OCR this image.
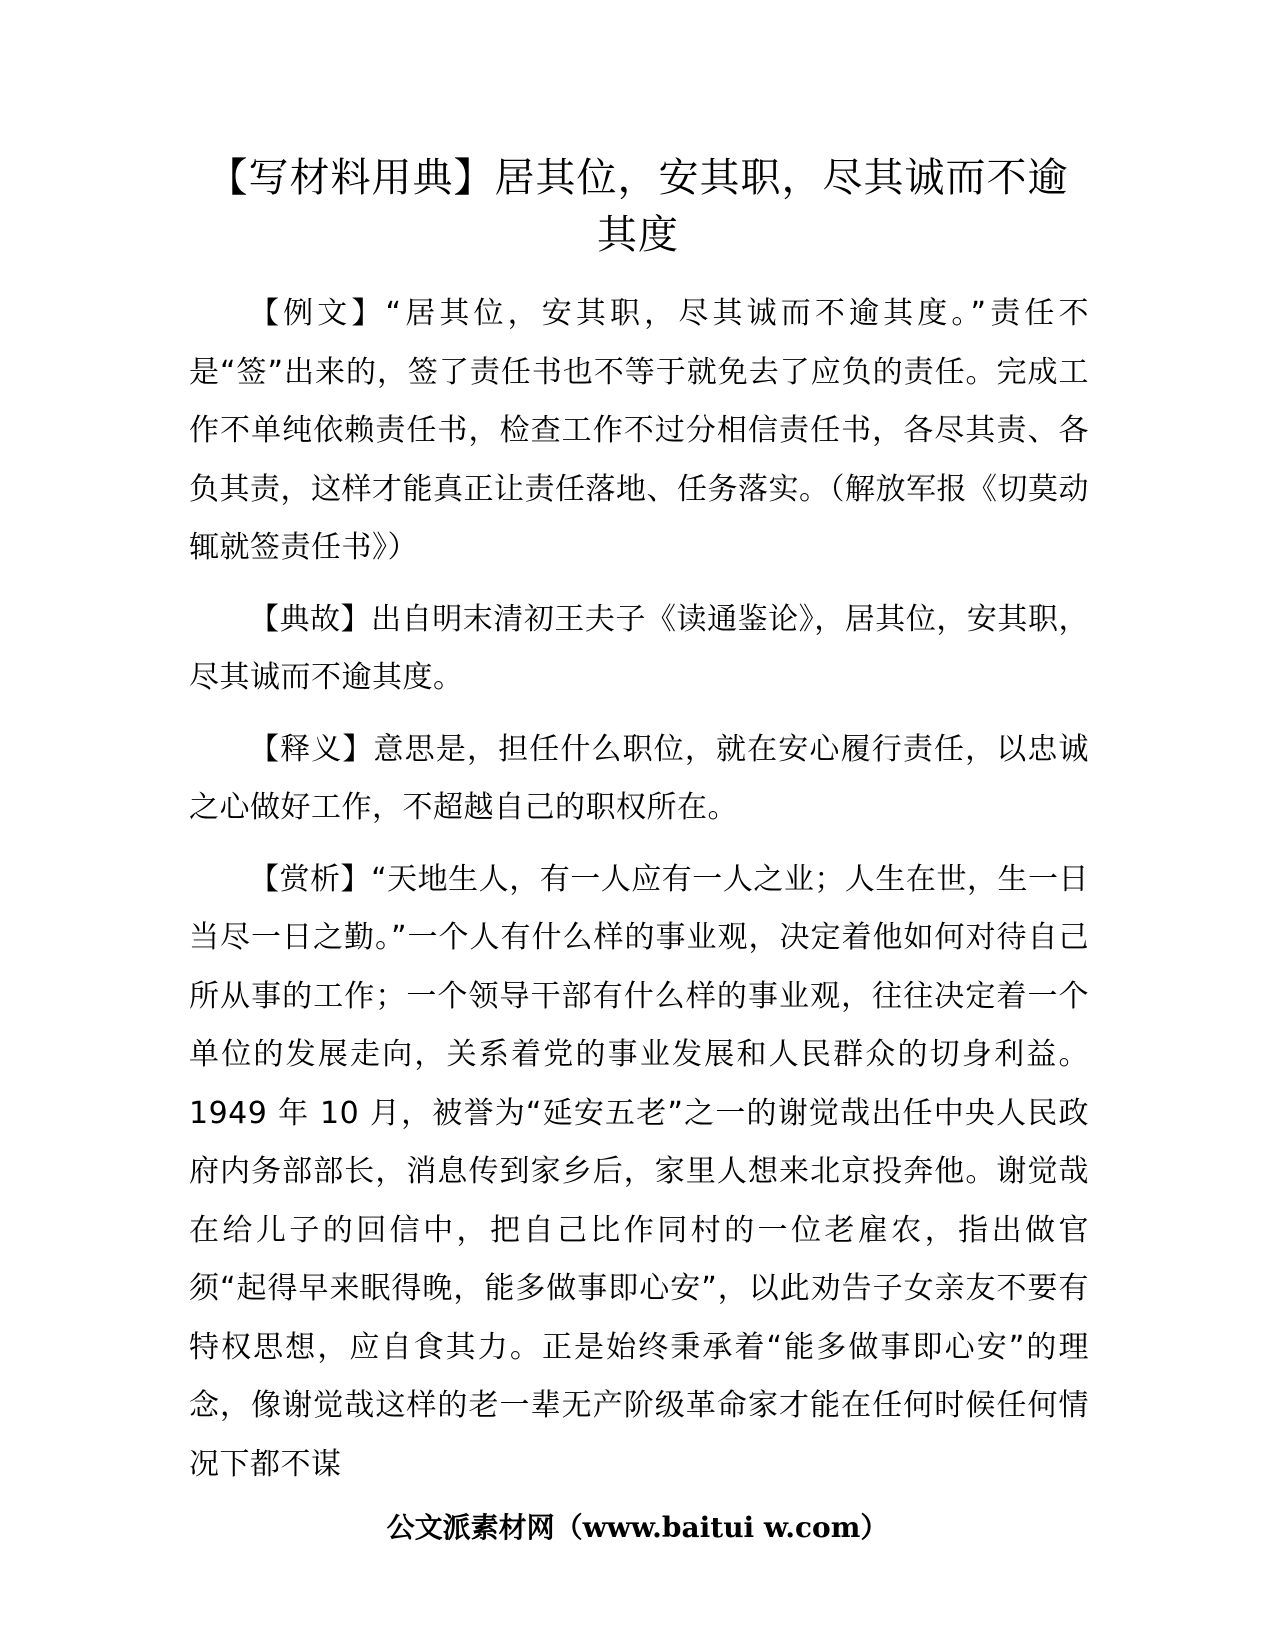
【写材料用典】居其位，安其职，尽其诚而不逾其度

【例文】“居其位，安其职，尽其诚而不逾其度。”责任不是“签”出来的，签了责任书也不等于就免去了应负的责任。完成工作不单纯依赖责任书，检查工作不过分相信责任书，各尽其责、各负其责，这样才能真正让责任落地、任务落实。（解放军报《切莫动辄就签责任书》）

【典故】出自明末清初王夫子《读通鉴论》，居其位，安其职，尽其诚而不逾其度。

【释义】意思是，担任什么职位，就在安心履行责任，以忠诚之心做好工作，不超越自己的职权所在。

【赏析】“天地生人，有一人应有一人之业；人生在世，生一日当尽一日之勤。”一个人有什么样的事业观，决定着他如何对待自己所从事的工作；一个领导干部有什么样的事业观，往往决定着一个单位的发展走向，关系着党的事业发展和人民群众的切身利益。1949 年 10 月，被誉为“延安五老”之一的谢觉哉出任中央人民政府内务部部长，消息传到家乡后，家里人想来北京投奔他。谢觉哉在给儿子的回信中，把自己比作同村的一位老雇农，指出做官须“起得早来眠得晚，能多做事即心安”，以此劝告子女亲友不要有特权思想，应自食其力。正是始终秉承着“能多做事即心安”的理念，像谢觉哉这样的老一辈无产阶级革命家才能在任何时候任何情况下都不谋

公文派素材网（www.baitui w.com）
